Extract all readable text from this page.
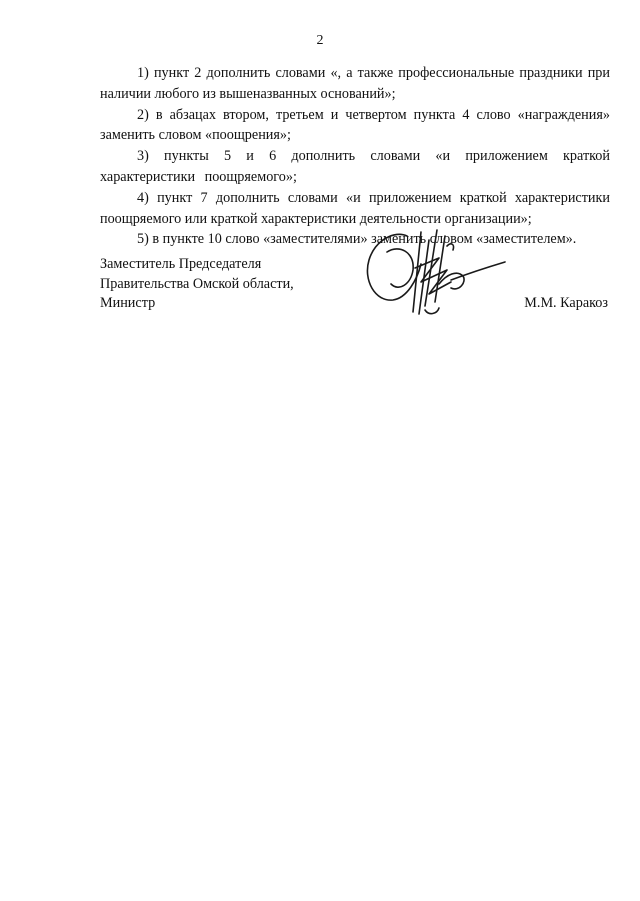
2

1) пункт 2 дополнить словами «, а также профессиональные праздники при наличии любого из вышеназванных оснований»;

2) в абзацах втором, третьем и четвертом пункта 4 слово «награждения» заменить словом «поощрения»;

3) пункты 5 и 6 дополнить словами «и приложением краткой характеристики поощряемого»;

4) пункт 7 дополнить словами «и приложением краткой характеристики поощряемого или краткой характеристики деятельности организации»;

5) в пункте 10 слово «заместителями» заменить словом «заместителем».

Заместитель Председателя
Правительства Омской области,
Министр	М.М. Каракоз
